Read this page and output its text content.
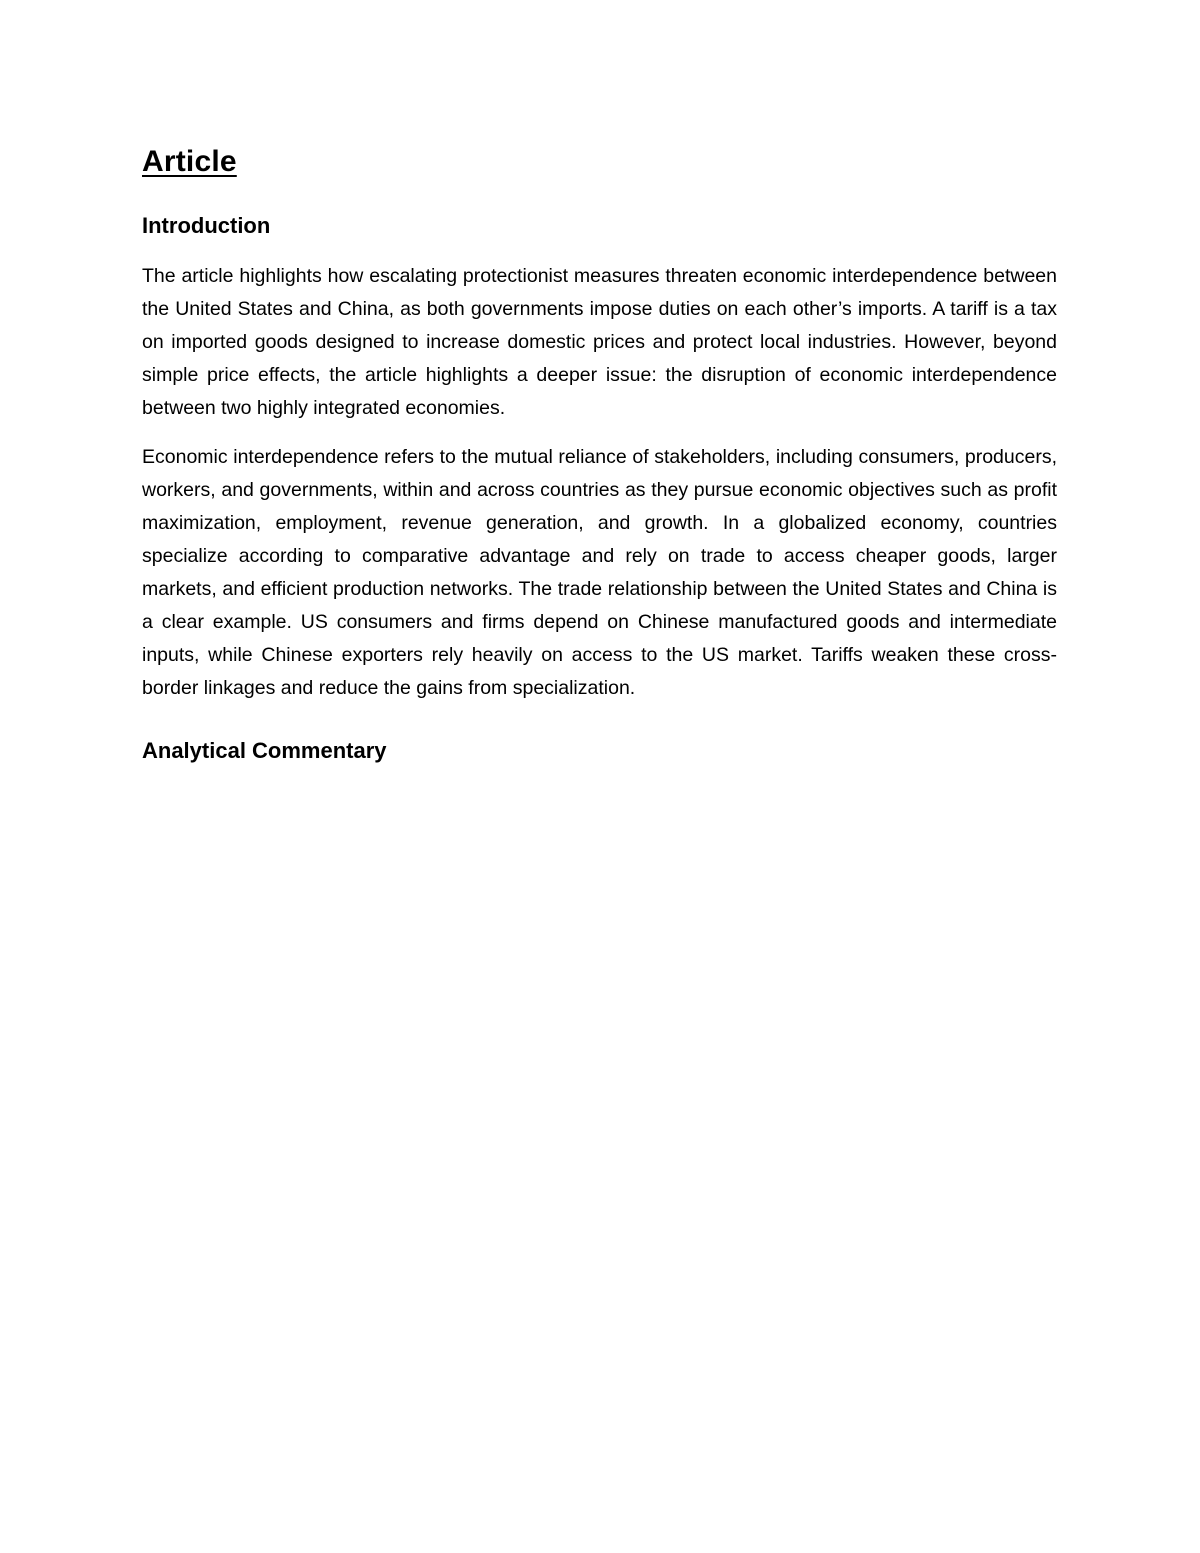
Article
Introduction

The article highlights how escalating protectionist measures threaten economic interdependence between the United States and China, as both governments impose duties on each other’s imports. A tariff is a tax on imported goods designed to increase domestic prices and protect local industries. However, beyond simple price effects, the article highlights a deeper issue: the disruption of economic interdependence between two highly integrated economies.

Economic interdependence refers to the mutual reliance of stakeholders, including consumers, producers, workers, and governments, within and across countries as they pursue economic objectives such as profit maximization, employment, revenue generation, and growth. In a globalized economy, countries specialize according to comparative advantage and rely on trade to access cheaper goods, larger markets, and efficient production networks. The trade relationship between the United States and China is a clear example. US consumers and firms depend on Chinese manufactured goods and intermediate inputs, while Chinese exporters rely heavily on access to the US market. Tariffs weaken these cross-border linkages and reduce the gains from specialization.

Analytical Commentary
